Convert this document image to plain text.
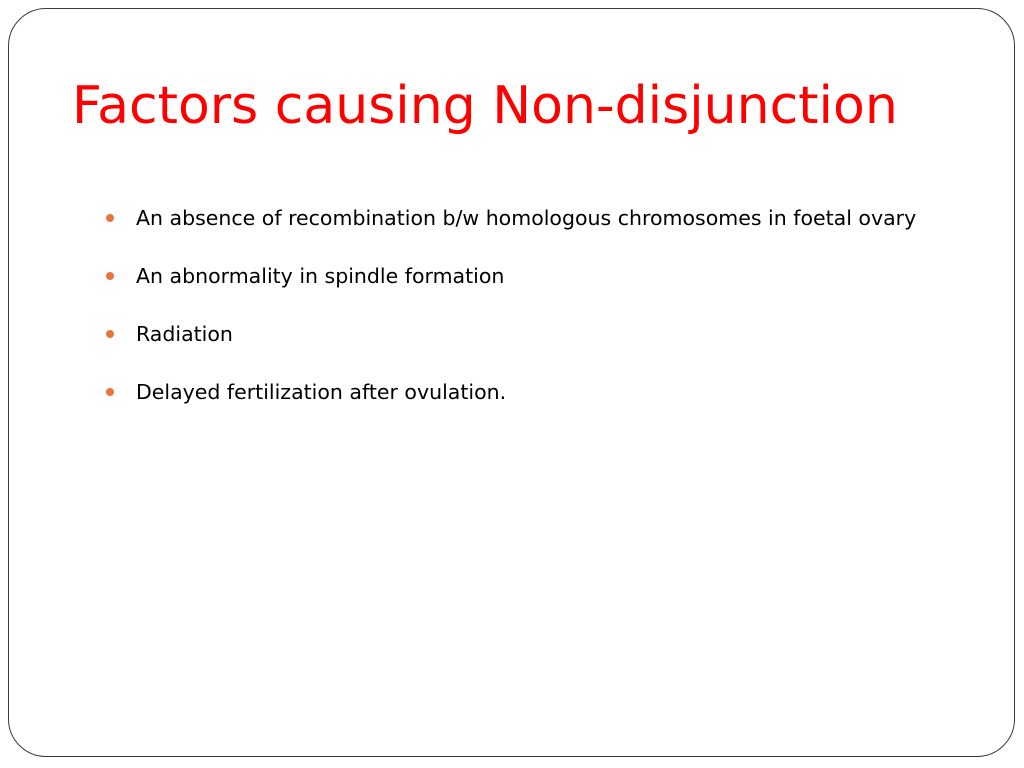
Factors causing Non-disjunction
An absence of recombination b/w homologous chromosomes in foetal ovary
An abnormality in spindle formation
Radiation
Delayed fertilization after ovulation.
